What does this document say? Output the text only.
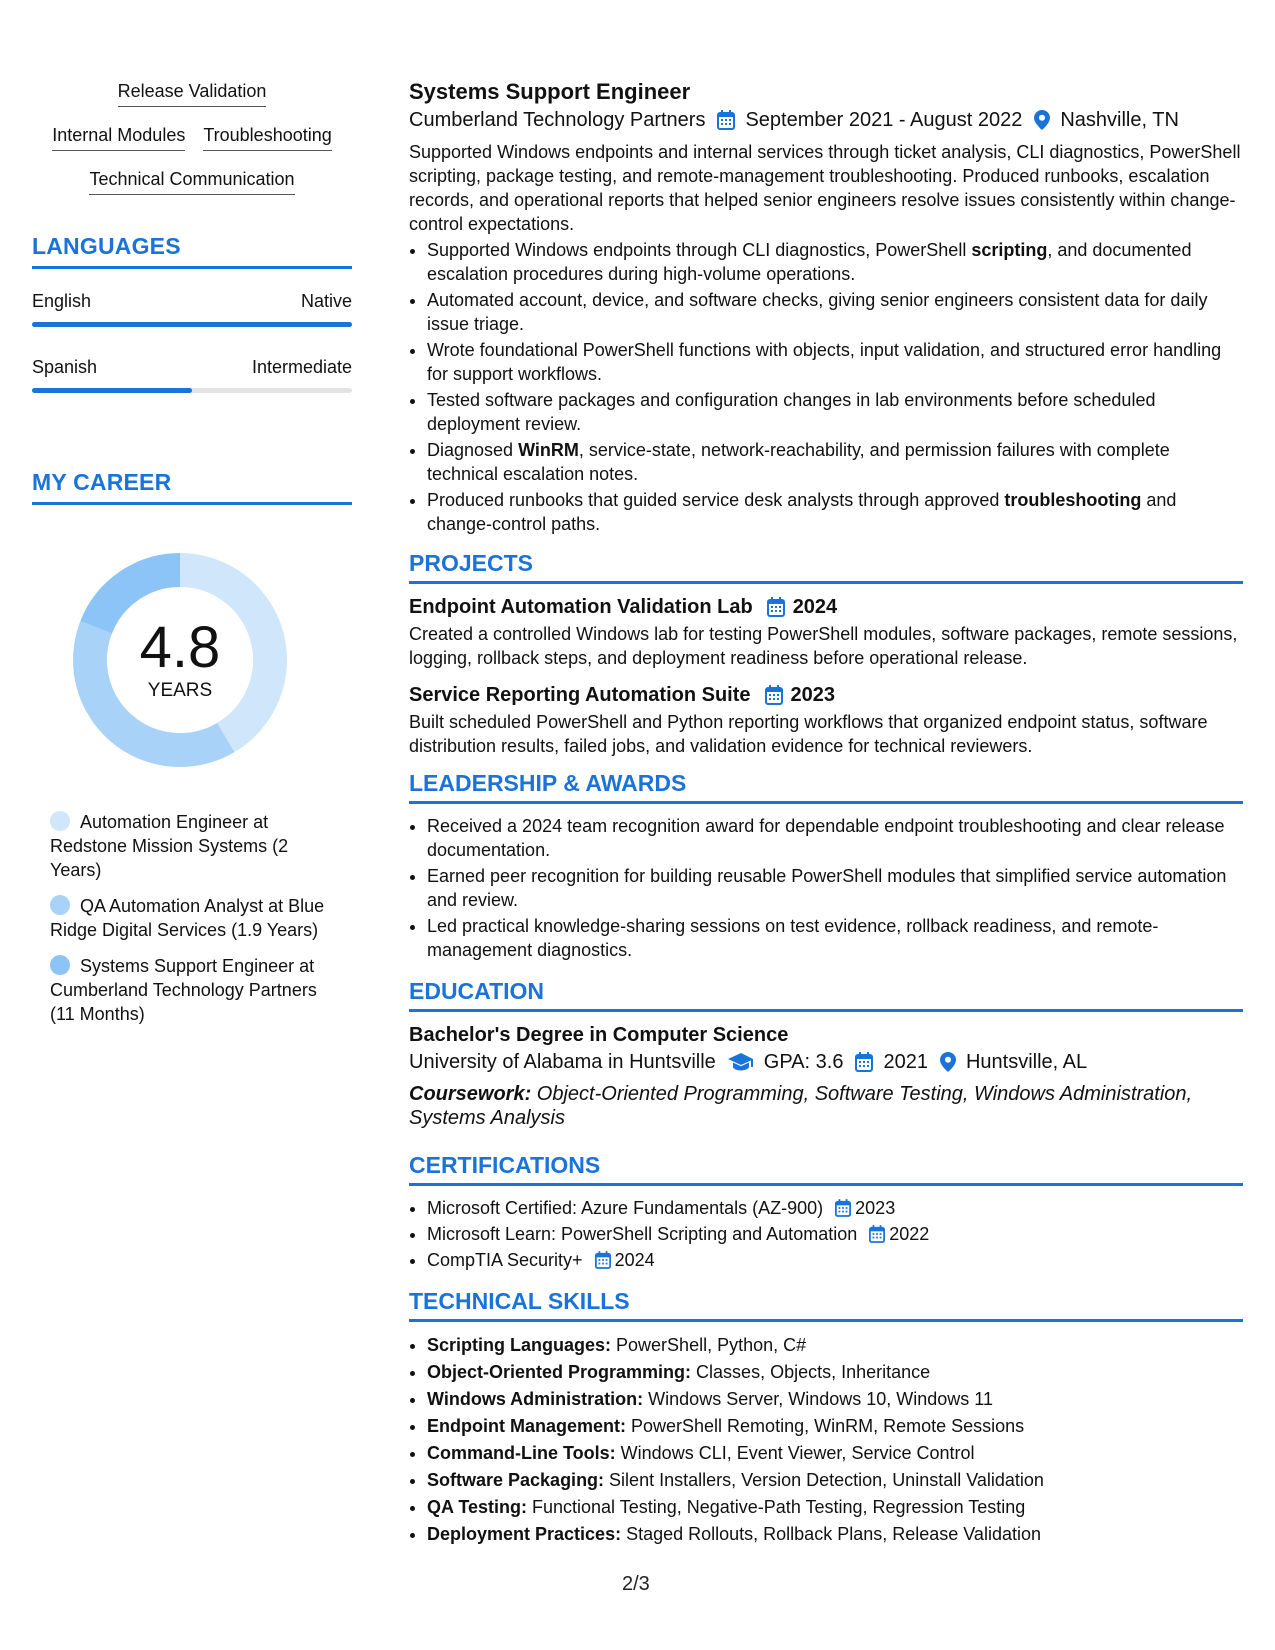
Release Validation
Internal Modules Troubleshooting
Technical Communication
LANGUAGES
English	Native
Spanish	Intermediate
MY CAREER
4.8
YEARS
Automation Engineer at Redstone Mission Systems (2 Years)
QA Automation Analyst at Blue Ridge Digital Services (1.9 Years)
Systems Support Engineer at Cumberland Technology Partners (11 Months)
Systems Support Engineer
Cumberland Technology Partners September 2021 - August 2022 Nashville, TN
Supported Windows endpoints and internal services through ticket analysis, CLI diagnostics, PowerShell scripting, package testing, and remote-management troubleshooting. Produced runbooks, escalation records, and operational reports that helped senior engineers resolve issues consistently within change-control expectations.
• Supported Windows endpoints through CLI diagnostics, PowerShell scripting, and documented escalation procedures during high-volume operations.
• Automated account, device, and software checks, giving senior engineers consistent data for daily issue triage.
• Wrote foundational PowerShell functions with objects, input validation, and structured error handling for support workflows.
• Tested software packages and configuration changes in lab environments before scheduled deployment review.
• Diagnosed WinRM, service-state, network-reachability, and permission failures with complete technical escalation notes.
• Produced runbooks that guided service desk analysts through approved troubleshooting and change-control paths.
PROJECTS
Endpoint Automation Validation Lab 2024
Created a controlled Windows lab for testing PowerShell modules, software packages, remote sessions, logging, rollback steps, and deployment readiness before operational release.
Service Reporting Automation Suite 2023
Built scheduled PowerShell and Python reporting workflows that organized endpoint status, software distribution results, failed jobs, and validation evidence for technical reviewers.
LEADERSHIP & AWARDS
• Received a 2024 team recognition award for dependable endpoint troubleshooting and clear release documentation.
• Earned peer recognition for building reusable PowerShell modules that simplified service automation and review.
• Led practical knowledge-sharing sessions on test evidence, rollback readiness, and remote-management diagnostics.
EDUCATION
Bachelor's Degree in Computer Science
University of Alabama in Huntsville GPA: 3.6 2021 Huntsville, AL
Coursework: Object-Oriented Programming, Software Testing, Windows Administration, Systems Analysis
CERTIFICATIONS
• Microsoft Certified: Azure Fundamentals (AZ-900) 2023
• Microsoft Learn: PowerShell Scripting and Automation 2022
• CompTIA Security+ 2024
TECHNICAL SKILLS
• Scripting Languages: PowerShell, Python, C#
• Object-Oriented Programming: Classes, Objects, Inheritance
• Windows Administration: Windows Server, Windows 10, Windows 11
• Endpoint Management: PowerShell Remoting, WinRM, Remote Sessions
• Command-Line Tools: Windows CLI, Event Viewer, Service Control
• Software Packaging: Silent Installers, Version Detection, Uninstall Validation
• QA Testing: Functional Testing, Negative-Path Testing, Regression Testing
• Deployment Practices: Staged Rollouts, Rollback Plans, Release Validation
2/3
